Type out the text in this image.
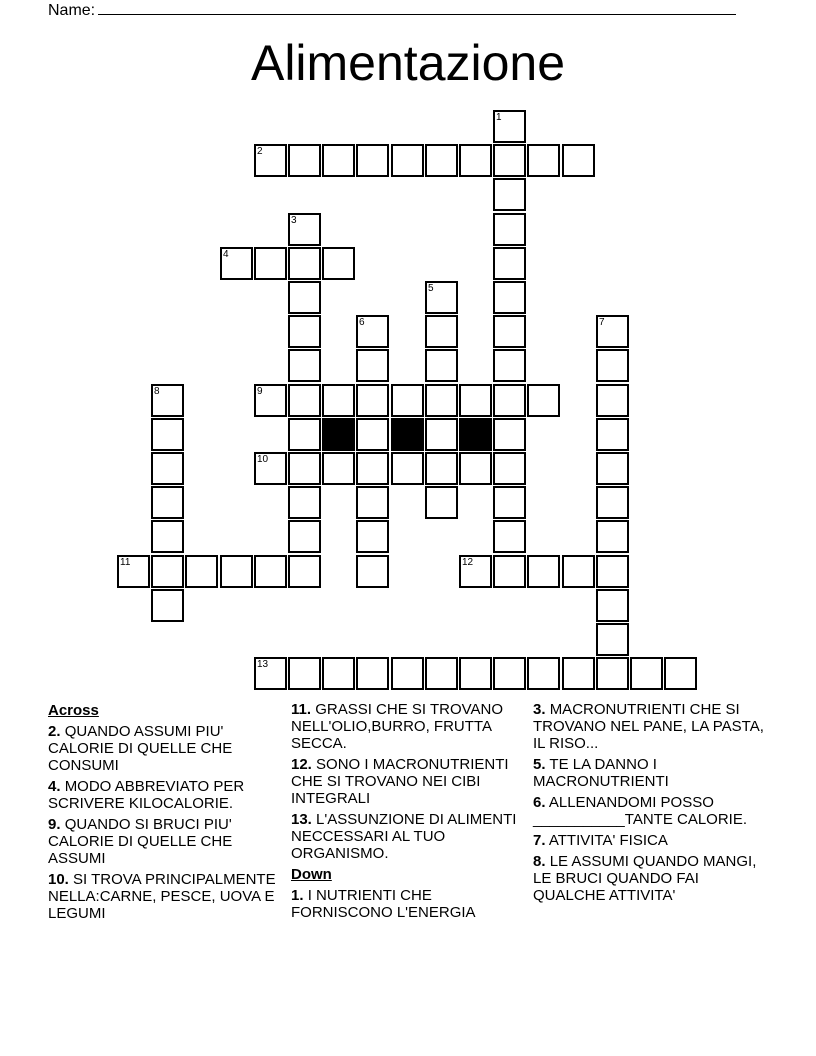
Name:
Alimentazione
1
2
3
4
5
6	7
8	9
10
11	12
13
Across
2. QUANDO ASSUMI PIU' CALORIE DI QUELLE CHE CONSUMI
4. MODO ABBREVIATO PER SCRIVERE KILOCALORIE.
9. QUANDO SI BRUCI PIU' CALORIE DI QUELLE CHE ASSUMI
10. SI TROVA PRINCIPALMENTE NELLA:CARNE, PESCE, UOVA E LEGUMI
11. GRASSI CHE SI TROVANO NELL'OLIO,BURRO, FRUTTA SECCA.
12. SONO I MACRONUTRIENTI CHE SI TROVANO NEI CIBI INTEGRALI
13. L'ASSUNZIONE DI ALIMENTI NECCESSARI AL TUO ORGANISMO.
Down
1. I NUTRIENTI CHE FORNISCONO L'ENERGIA
3. MACRONUTRIENTI CHE SI TROVANO NEL PANE, LA PASTA, IL RISO...
5. TE LA DANNO I MACRONUTRIENTI
6. ALLENANDOMI POSSO ___________TANTE CALORIE.
7. ATTIVITA' FISICA
8. LE ASSUMI QUANDO MANGI, LE BRUCI QUANDO FAI QUALCHE ATTIVITA'
